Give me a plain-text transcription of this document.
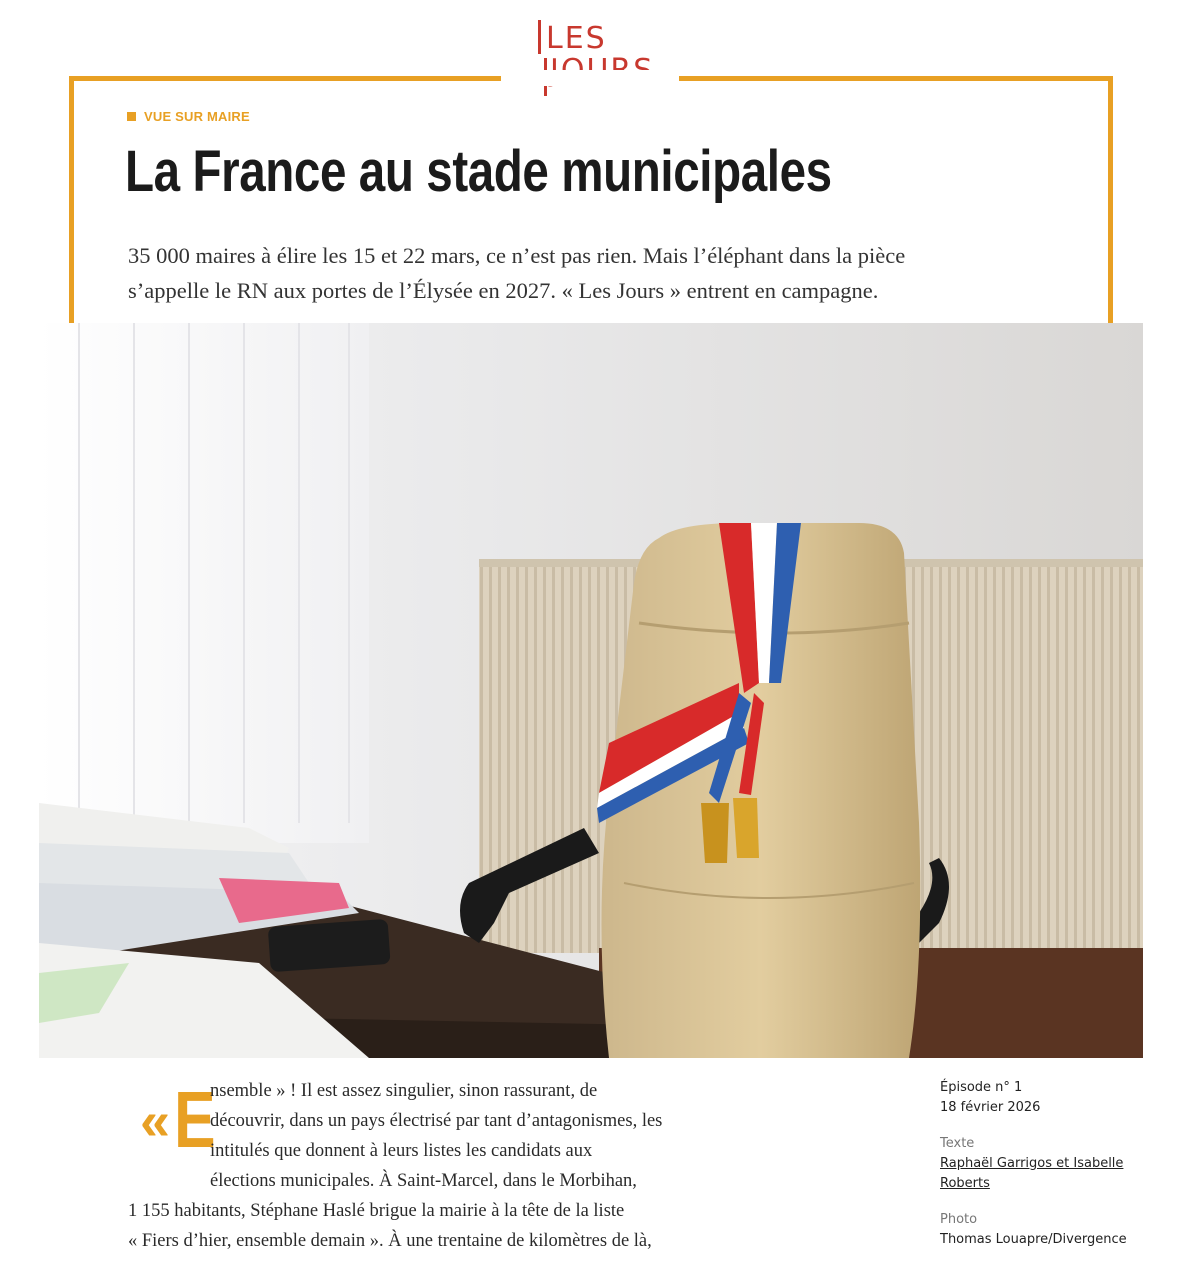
LES
VUE SUR MAIRE
La France au stade municipales
35 000 maires à élire les 15 et 22 mars, ce n’est pas rien. Mais l’éléphant dans la pièce
s’appelle le RN aux portes de l’Élysée en 2027. « Les Jours » entrent en campagne.
« E
nsemble » ! Il est assez singulier, sinon rassurant, de
découvrir, dans un pays électrisé par tant d’antagonismes, les
intitulés que donnent à leurs listes les candidats aux
élections municipales. À Saint-Marcel, dans le Morbihan,
1 155 habitants, Stéphane Haslé brigue la mairie à la tête de la liste
« Fiers d’hier, ensemble demain ». À une trentaine de kilomètres de là,
Épisode n° 1
18 février 2026
Texte
Raphaël Garrigos et Isabelle
Roberts
Photo
Thomas Louapre/Divergence
